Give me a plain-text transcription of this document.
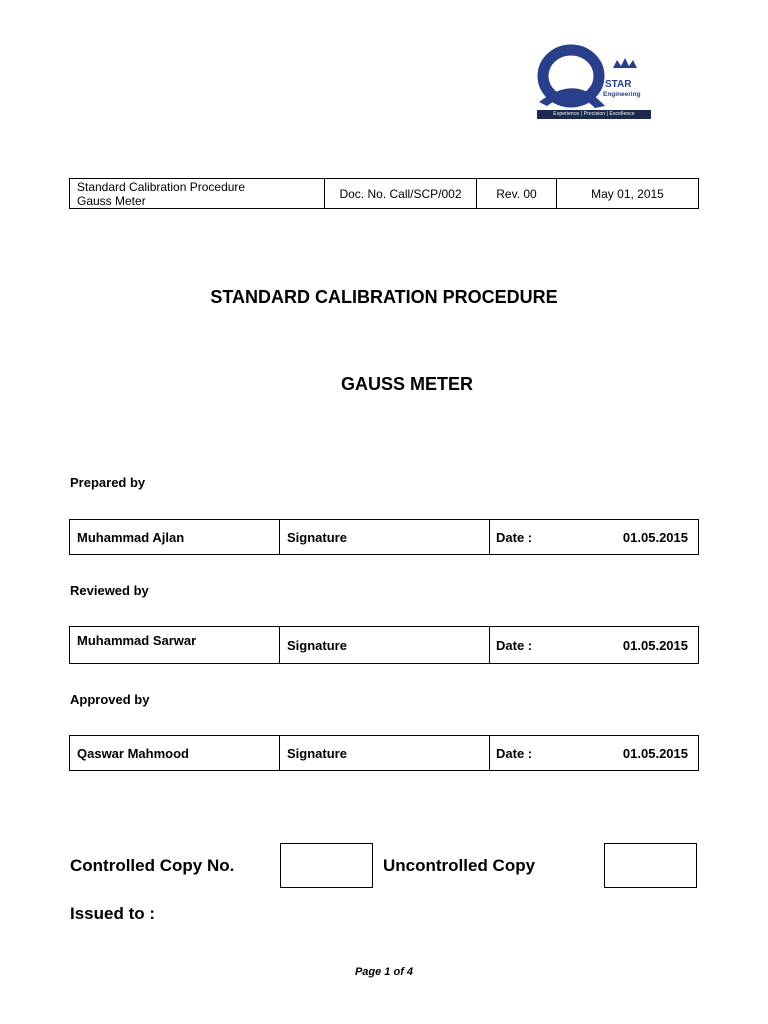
STAR
Engineering
Experience | Precision | Excellence
Standard Calibration Procedure
Gauss Meter	Doc. No. Call/SCP/002	Rev. 00	May 01, 2015
STANDARD CALIBRATION PROCEDURE
GAUSS METER
Prepared by
Muhammad Ajlan	Signature	Date :	01.05.2015
Reviewed by
Muhammad Sarwar	Signature	Date :	01.05.2015
Approved by
Qaswar Mahmood	Signature	Date :	01.05.2015
Controlled Copy No.	Uncontrolled Copy
Issued to :
Page 1 of 4
